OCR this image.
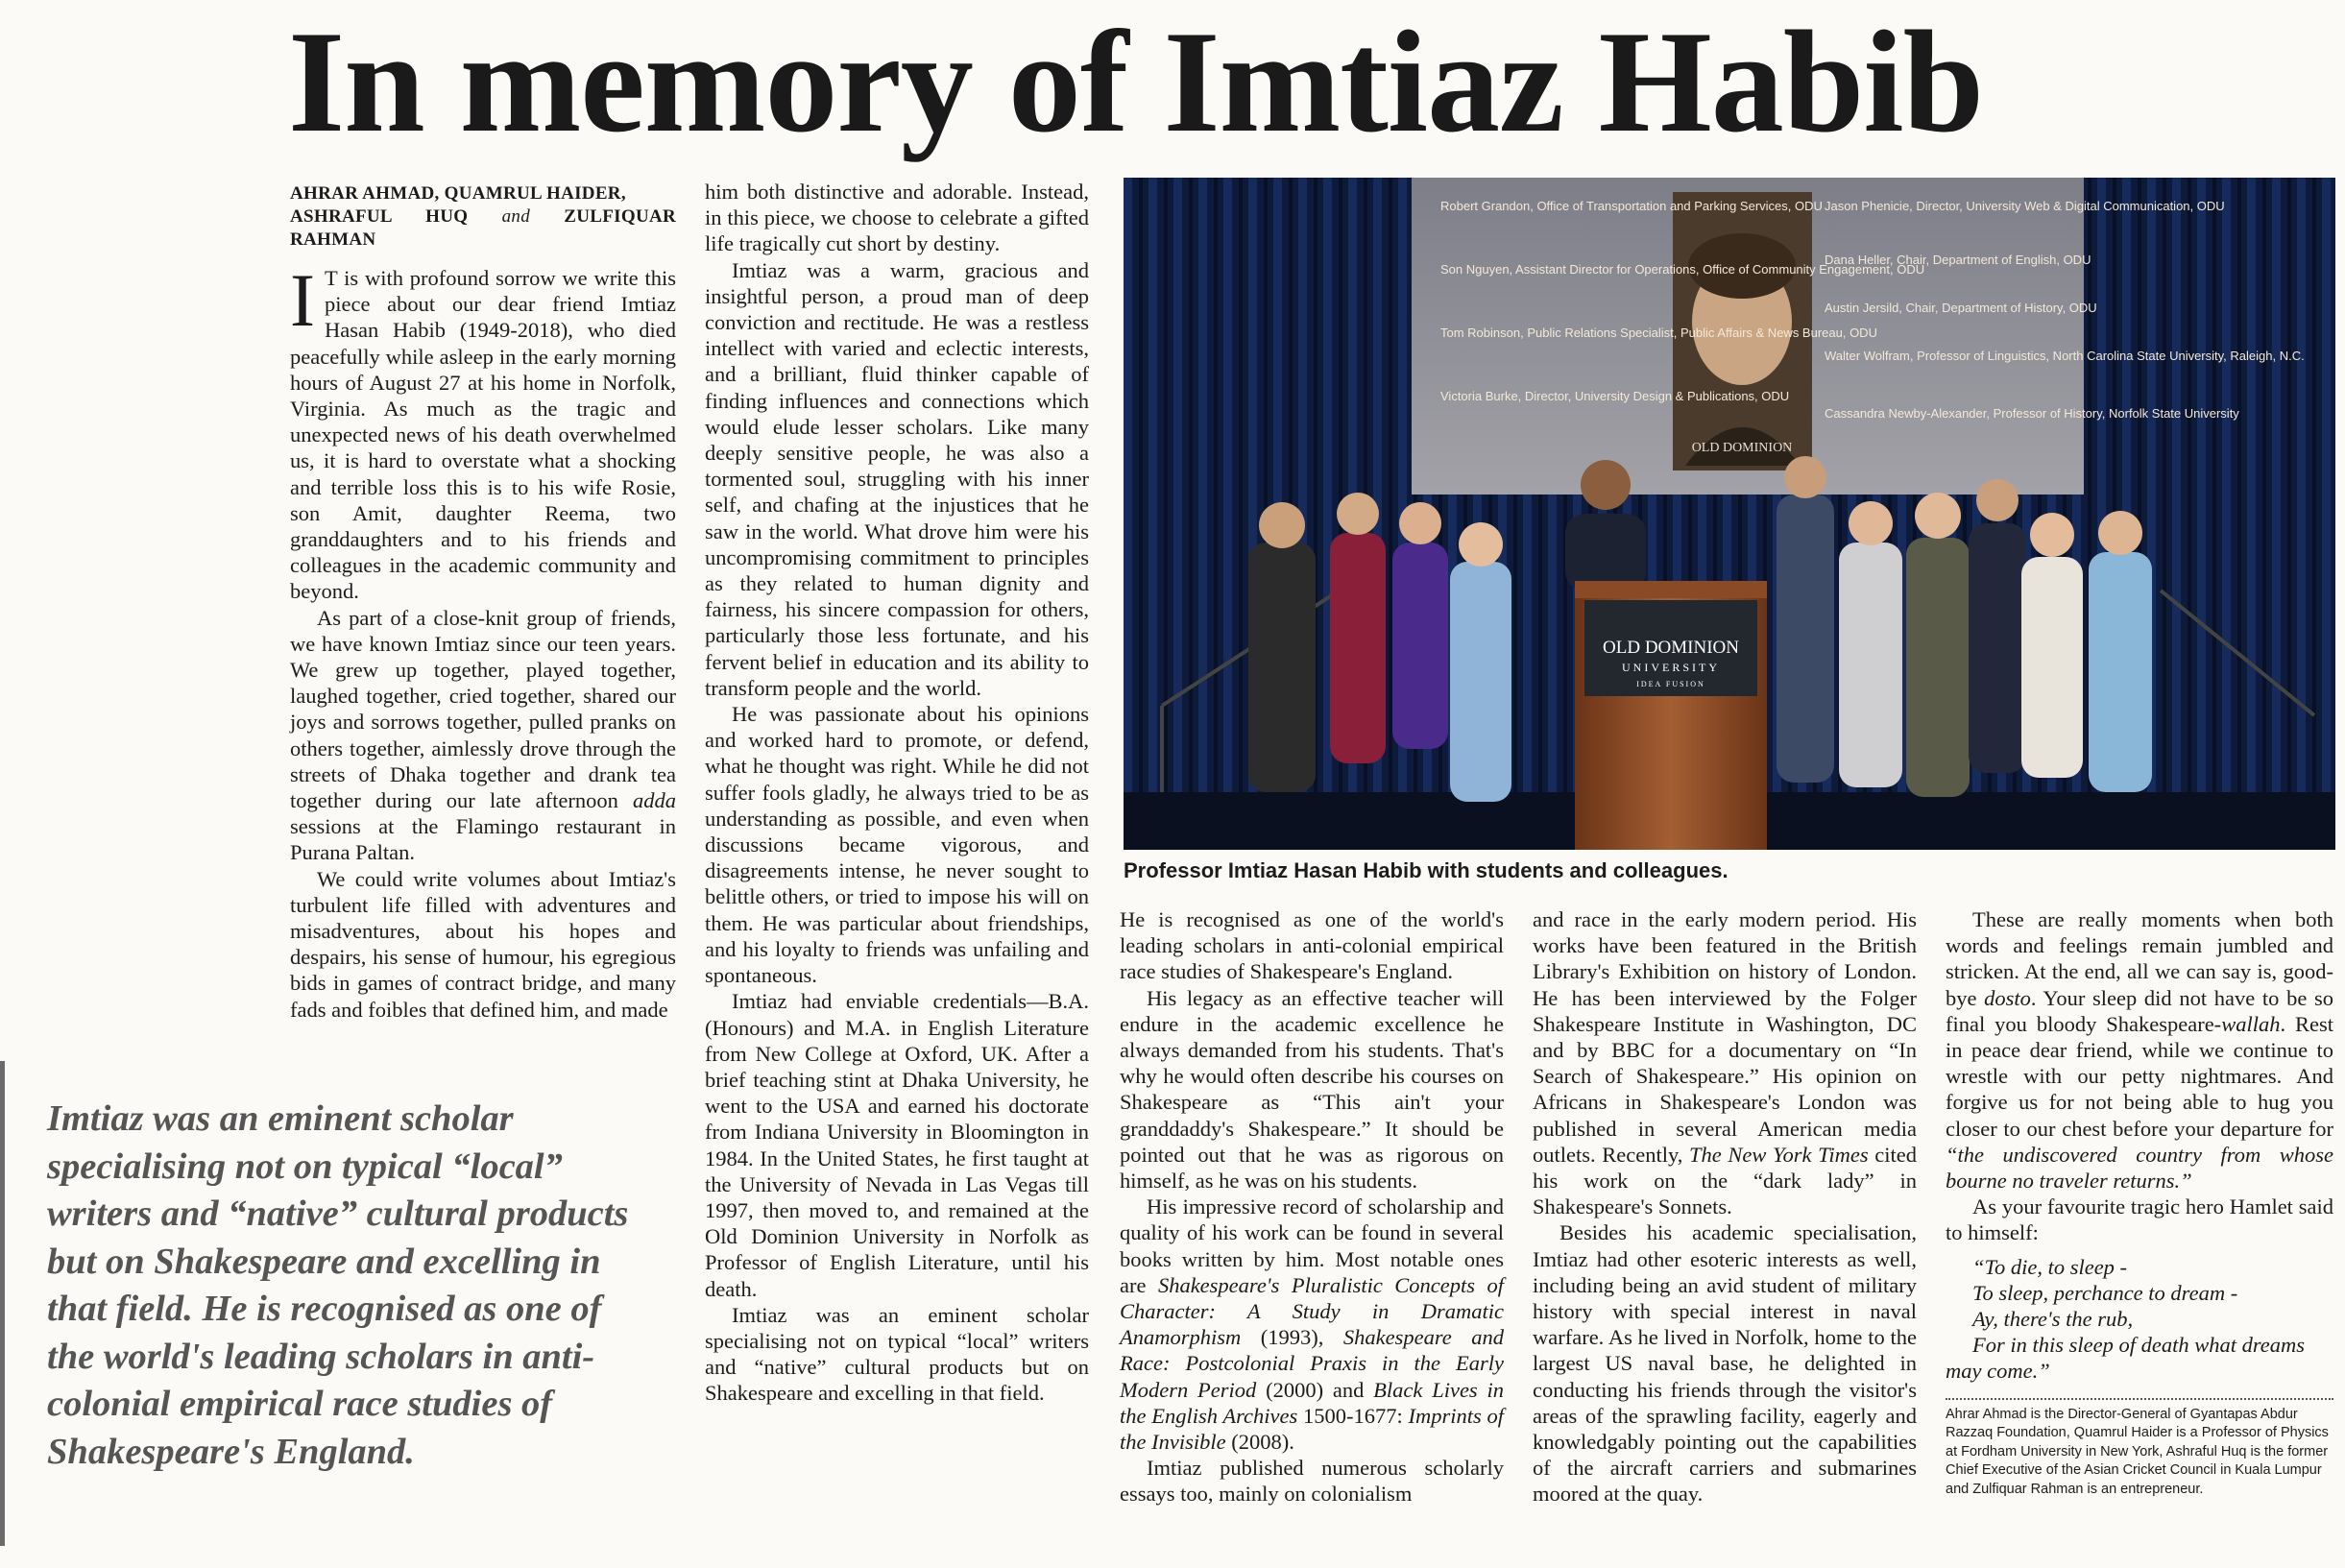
In memory of Imtiaz Habib
AHRAR AHMAD, QUAMRUL HAIDER,
ASHRAFUL HUQ and ZULFIQUAR RAHMAN

I T is with profound sorrow we write this piece about our dear friend Imtiaz Hasan Habib (1949-2018), who died peacefully while asleep in the early morning hours of August 27 at his home in Norfolk, Virginia. As much as the tragic and unexpected news of his death overwhelmed us, it is hard to overstate what a shocking and terrible loss this is to his wife Rosie, son Amit, daughter Reema, two granddaughters and to his friends and colleagues in the academic community and beyond.

As part of a close-knit group of friends, we have known Imtiaz since our teen years. We grew up together, played together, laughed together, cried together, shared our joys and sorrows together, pulled pranks on others together, aimlessly drove through the streets of Dhaka together and drank tea together during our late afternoon adda sessions at the Flamingo restaurant in Purana Paltan.

We could write volumes about Imtiaz's turbulent life filled with adventures and misadventures, about his hopes and despairs, his sense of humour, his egregious bids in games of contract bridge, and many fads and foibles that defined him, and made

Imtiaz was an eminent scholar specialising not on typical “local” writers and “native” cultural products but on Shakespeare and excelling in that field. He is recognised as one of the world's leading scholars in anti-colonial empirical race studies of Shakespeare's England.

him both distinctive and adorable. Instead, in this piece, we choose to celebrate a gifted life tragically cut short by destiny.

Imtiaz was a warm, gracious and insightful person, a proud man of deep conviction and rectitude. He was a restless intellect with varied and eclectic interests, and a brilliant, fluid thinker capable of finding influences and connections which would elude lesser scholars. Like many deeply sensitive people, he was also a tormented soul, struggling with his inner self, and chafing at the injustices that he saw in the world. What drove him were his uncompromising commitment to principles as they related to human dignity and fairness, his sincere compassion for others, particularly those less fortunate, and his fervent belief in education and its ability to transform people and the world.

He was passionate about his opinions and worked hard to promote, or defend, what he thought was right. While he did not suffer fools gladly, he always tried to be as understanding as possible, and even when discussions became vigorous, and disagreements intense, he never sought to belittle others, or tried to impose his will on them. He was particular about friendships, and his loyalty to friends was unfailing and spontaneous.

Imtiaz had enviable credentials—B.A. (Honours) and M.A. in English Literature from New College at Oxford, UK. After a brief teaching stint at Dhaka University, he went to the USA and earned his doctorate from Indiana University in Bloomington in 1984. In the United States, he first taught at the University of Nevada in Las Vegas till 1997, then moved to, and remained at the Old Dominion University in Norfolk as Professor of English Literature, until his death.

Imtiaz was an eminent scholar specialising not on typical “local” writers and “native” cultural products but on Shakespeare and excelling in that field.

Robert Grandon, Office of Transportation and Parking Services, ODU
Son Nguyen, Assistant Director for Operations, Office of Community Engagement, ODU
Tom Robinson, Public Relations Specialist, Public Affairs & News Bureau, ODU
Victoria Burke, Director, University Design & Publications, ODU
Jason Phenicie, Director, University Web & Digital Communication, ODU
Dana Heller, Chair, Department of English, ODU
Austin Jersild, Chair, Department of History, ODU
Walter Wolfram, Professor of Linguistics, North Carolina State University, Raleigh, N.C.
Cassandra Newby-Alexander, Professor of History, Norfolk State University
OLD DOMINION
OLD DOMINION
UNIVERSITY
IDEA FUSION
Professor Imtiaz Hasan Habib with students and colleagues.

He is recognised as one of the world's leading scholars in anti-colonial empirical race studies of Shakespeare's England.

His legacy as an effective teacher will endure in the academic excellence he always demanded from his students. That's why he would often describe his courses on Shakespeare as “This ain't your granddaddy's Shakespeare.” It should be pointed out that he was as rigorous on himself, as he was on his students.

His impressive record of scholarship and quality of his work can be found in several books written by him. Most notable ones are Shakespeare's Pluralistic Concepts of Character: A Study in Dramatic Anamorphism (1993), Shakespeare and Race: Postcolonial Praxis in the Early Modern Period (2000) and Black Lives in the English Archives 1500-1677: Imprints of the Invisible (2008).

Imtiaz published numerous scholarly essays too, mainly on colonialism

and race in the early modern period. His works have been featured in the British Library's Exhibition on history of London. He has been interviewed by the Folger Shakespeare Institute in Washington, DC and by BBC for a documentary on “In Search of Shakespeare.” His opinion on Africans in Shakespeare's London was published in several American media outlets. Recently, The New York Times cited his work on the “dark lady” in Shakespeare's Sonnets.

Besides his academic specialisation, Imtiaz had other esoteric interests as well, including being an avid student of military history with special interest in naval warfare. As he lived in Norfolk, home to the largest US naval base, he delighted in conducting his friends through the visitor's areas of the sprawling facility, eagerly and knowledgably pointing out the capabilities of the aircraft carriers and submarines moored at the quay.

These are really moments when both words and feelings remain jumbled and stricken. At the end, all we can say is, good-bye dosto. Your sleep did not have to be so final you bloody Shakespeare-wallah. Rest in peace dear friend, while we continue to wrestle with our petty nightmares. And forgive us for not being able to hug you closer to our chest before your departure for “the undiscovered country from whose bourne no traveler returns.”

As your favourite tragic hero Hamlet said to himself:

“To die, to sleep -

To sleep, perchance to dream -

Ay, there's the rub,

For in this sleep of death what dreams

may come.”

Ahrar Ahmad is the Director-General of Gyantapas Abdur Razzaq Foundation, Quamrul Haider is a Professor of Physics at Fordham University in New York, Ashraful Huq is the former Chief Executive of the Asian Cricket Council in Kuala Lumpur and Zulfiquar Rahman is an entrepreneur.
